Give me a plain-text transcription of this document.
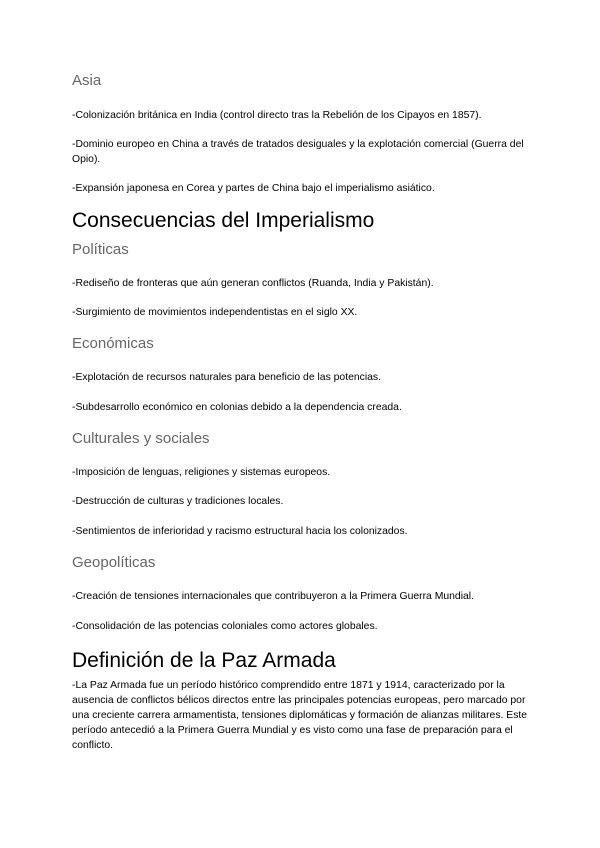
Asia

-Colonización británica en India (control directo tras la Rebelión de los Cipayos en 1857).

-Dominio europeo en China a través de tratados desiguales y la explotación comercial (Guerra del Opio).

-Expansión japonesa en Corea y partes de China bajo el imperialismo asiático.

Consecuencias del Imperialismo
Políticas

-Rediseño de fronteras que aún generan conflictos (Ruanda, India y Pakistán).

-Surgimiento de movimientos independentistas en el siglo XX.

Económicas

-Explotación de recursos naturales para beneficio de las potencias.

-Subdesarrollo económico en colonias debido a la dependencia creada.

Culturales y sociales

-Imposición de lenguas, religiones y sistemas europeos.

-Destrucción de culturas y tradiciones locales.

-Sentimientos de inferioridad y racismo estructural hacia los colonizados.

Geopolíticas

-Creación de tensiones internacionales que contribuyeron a la Primera Guerra Mundial.

-Consolidación de las potencias coloniales como actores globales.

Definición de la Paz Armada

-La Paz Armada fue un período histórico comprendido entre 1871 y 1914, caracterizado por la ausencia de conflictos bélicos directos entre las principales potencias europeas, pero marcado por una creciente carrera armamentista, tensiones diplomáticas y formación de alianzas militares. Este período antecedió a la Primera Guerra Mundial y es visto como una fase de preparación para el conflicto.
